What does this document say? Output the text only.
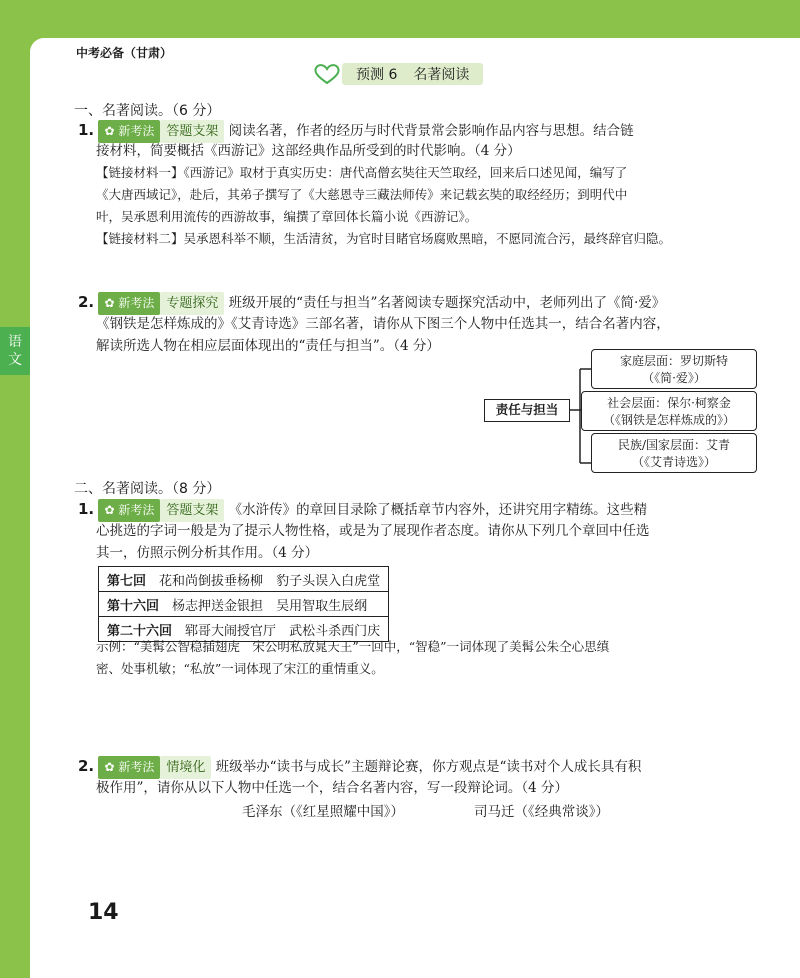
中考必备（甘肃）
预测 6 名著阅读
一、名著阅读。（6 分）
1. ✿ 新考法 答题支架 阅读名著，作者的经历与时代背景常会影响作品内容与思想。结合链
接材料，简要概括《西游记》这部经典作品所受到的时代影响。（4 分）
【链接材料一】《西游记》取材于真实历史：唐代高僧玄奘往天竺取经，回来后口述见闻，编写了
《大唐西域记》，赴后，其弟子撰写了《大慈恩寺三藏法师传》来记载玄奘的取经经历；到明代中
叶，吴承恩利用流传的西游故事，编撰了章回体长篇小说《西游记》。
【链接材料二】吴承恩科举不顺，生活清贫，为官时目睹官场腐败黑暗，不愿同流合污，最终辞官归隐。
2. ✿ 新考法 专题探究 班级开展的“责任与担当”名著阅读专题探究活动中，老师列出了《简·爱》
《钢铁是怎样炼成的》《艾青诗选》三部名著，请你从下图三个人物中任选其一，结合名著内容，
解读所选人物在相应层面体现出的“责任与担当”。（4 分）
责任与担当
家庭层面：罗切斯特
（《简·爱》）
社会层面：保尔·柯察金
（《钢铁是怎样炼成的》）
民族/国家层面：艾青
（《艾青诗选》）
二、名著阅读。（8 分）
1. ✿ 新考法 答题支架 《水浒传》的章回目录除了概括章节内容外，还讲究用字精练。这些精
心挑选的字词一般是为了提示人物性格，或是为了展现作者态度。请你从下列几个章回中任选
其一，仿照示例分析其作用。（4 分）
第七回　 花和尚倒拔垂杨柳　 豹子头误入白虎堂
第十六回　 杨志押送金银担　 吴用智取生辰纲
第二十六回　 郓哥大闹授官厅　 武松斗杀西门庆
示例：“美髯公智稳插翅虎　宋公明私放晁天王”一回中，“智稳”一词体现了美髯公朱仝心思缜
密、处事机敏；“私放”一词体现了宋江的重情重义。
2. ✿ 新考法 情境化 班级举办“读书与成长”主题辩论赛，你方观点是“读书对个人成长具有积
极作用”，请你从以下人物中任选一个，结合名著内容，写一段辩论词。（4 分）
毛泽东（《红星照耀中国》）	司马迁（《经典常谈》）
14
语
文
